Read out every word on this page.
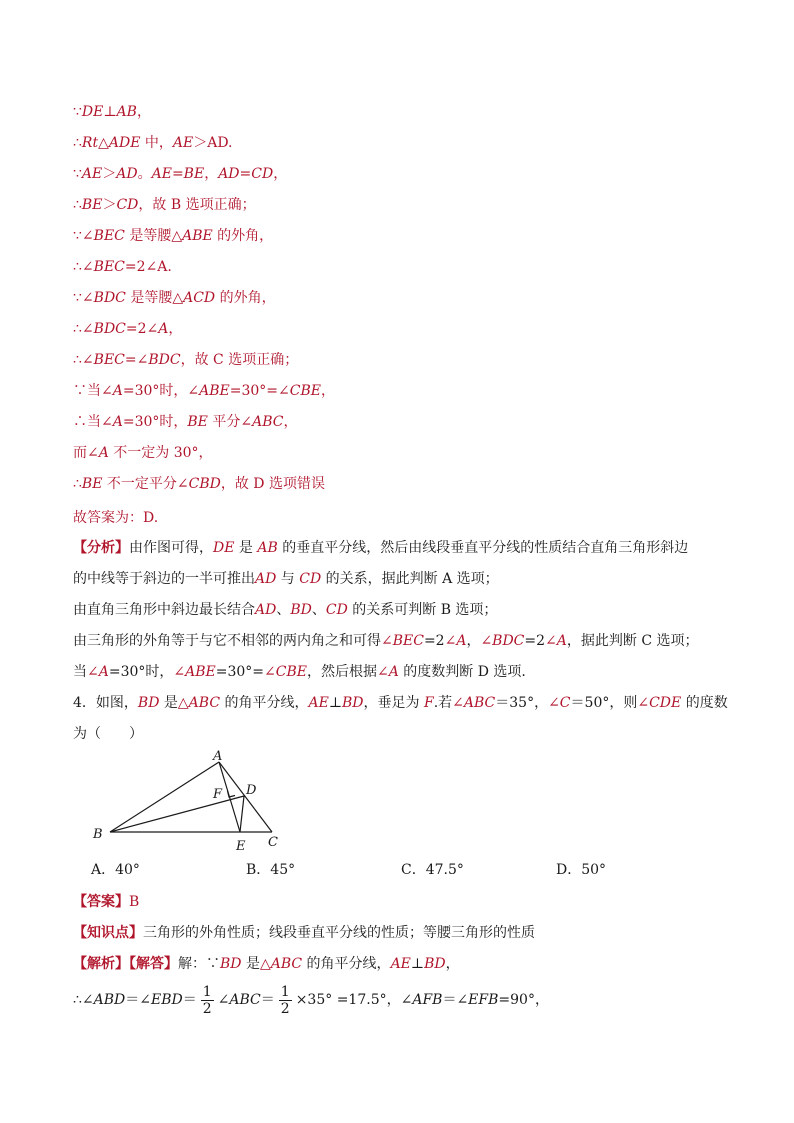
∵DE⊥AB，
∴Rt△ADE 中，AE＞AD.
∵AE＞AD。AE=BE，AD=CD，
∴BE＞CD，故 B 选项正确；
∵∠BEC 是等腰△ABE 的外角，
∴∠BEC=2∠A.
∵∠BDC 是等腰△ACD 的外角，
∴∠BDC=2∠A，
∴∠BEC=∠BDC，故 C 选项正确；
∵当∠A=30°时，∠ABE=30°=∠CBE，
∴当∠A=30°时，BE 平分∠ABC，
而∠A 不一定为 30°，
∴BE 不一定平分∠CBD，故 D 选项错误
故答案为：D.
【分析】由作图可得，DE 是 AB 的垂直平分线，然后由线段垂直平分线的性质结合直角三角形斜边
的中线等于斜边的一半可推出AD 与 CD 的关系，据此判断 A 选项；
由直角三角形中斜边最长结合AD、BD、CD 的关系可判断 B 选项；
由三角形的外角等于与它不相邻的两内角之和可得∠BEC=2∠A，∠BDC=2∠A，据此判断 C 选项；
当∠A=30°时，∠ABE=30°=∠CBE，然后根据∠A 的度数判断 D 选项.
4．如图，BD 是△ABC 的角平分线，AE⊥BD，垂足为 F.若∠ABC＝35°，∠C＝50°，则∠CDE 的度数
为（　　）
A
B
C
D
E
F
A．40°	B．45°	C．47.5°	D．50°
【答案】B
【知识点】三角形的外角性质；线段垂直平分线的性质；等腰三角形的性质
【解析】【解答】解：∵BD 是△ABC 的角平分线，AE⊥BD，
∴∠ABD＝∠EBD＝ $\frac{1}{2}$ ∠ABC＝ $\frac{1}{2} \times 35^\circ =17.5^\circ$，∠AFB＝∠EFB=90°，
